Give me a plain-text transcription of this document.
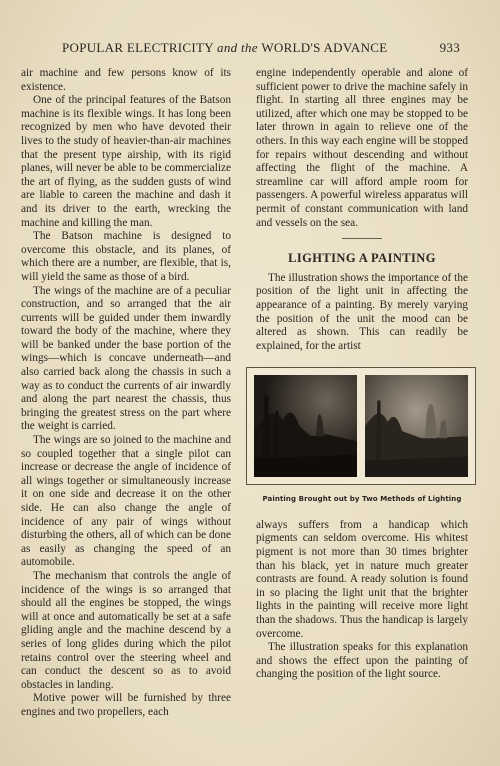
POPULAR ELECTRICITY and the WORLD'S ADVANCE	933

air machine and few persons know of its existence.

One of the principal features of the Batson machine is its flexible wings. It has long been recognized by men who have devoted their lives to the study of heavier-than-air machines that the present type airship, with its rigid planes, will never be able to be commercialize the art of flying, as the sudden gusts of wind are liable to careen the machine and dash it and its driver to the earth, wrecking the machine and killing the man.

The Batson machine is designed to overcome this obstacle, and its planes, of which there are a number, are flexible, that is, will yield the same as those of a bird.

The wings of the machine are of a peculiar construction, and so arranged that the air currents will be guided under them inwardly toward the body of the machine, where they will be banked under the base portion of the wings—which is concave underneath—and also carried back along the chassis in such a way as to conduct the currents of air inwardly and along the part nearest the chassis, thus bringing the greatest stress on the part where the weight is carried.

The wings are so joined to the machine and so coupled together that a single pilot can increase or decrease the angle of incidence of all wings together or simultaneously increase it on one side and decrease it on the other side. He can also change the angle of incidence of any pair of wings without disturbing the others, all of which can be done as easily as changing the speed of an automobile.

The mechanism that controls the angle of incidence of the wings is so arranged that should all the engines be stopped, the wings will at once and automatically be set at a safe gliding angle and the machine descend by a series of long glides during which the pilot retains control over the steering wheel and can conduct the descent so as to avoid obstacles in landing.

Motive power will be furnished by three engines and two propellers, each

engine independently operable and alone of sufficient power to drive the machine safely in flight. In starting all three engines may be utilized, after which one may be stopped to be later thrown in again to relieve one of the others. In this way each engine will be stopped for repairs without descending and without affecting the flight of the machine. A streamline car will afford ample room for passengers. A powerful wireless apparatus will permit of constant communication with land and vessels on the sea.

LIGHTING A PAINTING

The illustration shows the importance of the position of the light unit in affecting the appearance of a painting. By merely varying the position of the unit the mood can be altered as shown. This can readily be explained, for the artist

Painting Brought out by Two Methods of Lighting

always suffers from a handicap which pigments can seldom overcome. His whitest pigment is not more than 30 times brighter than his black, yet in nature much greater contrasts are found. A ready solution is found in so placing the light unit that the brighter lights in the painting will receive more light than the shadows. Thus the handicap is largely overcome.

The illustration speaks for this explanation and shows the effect upon the painting of changing the position of the light source.
